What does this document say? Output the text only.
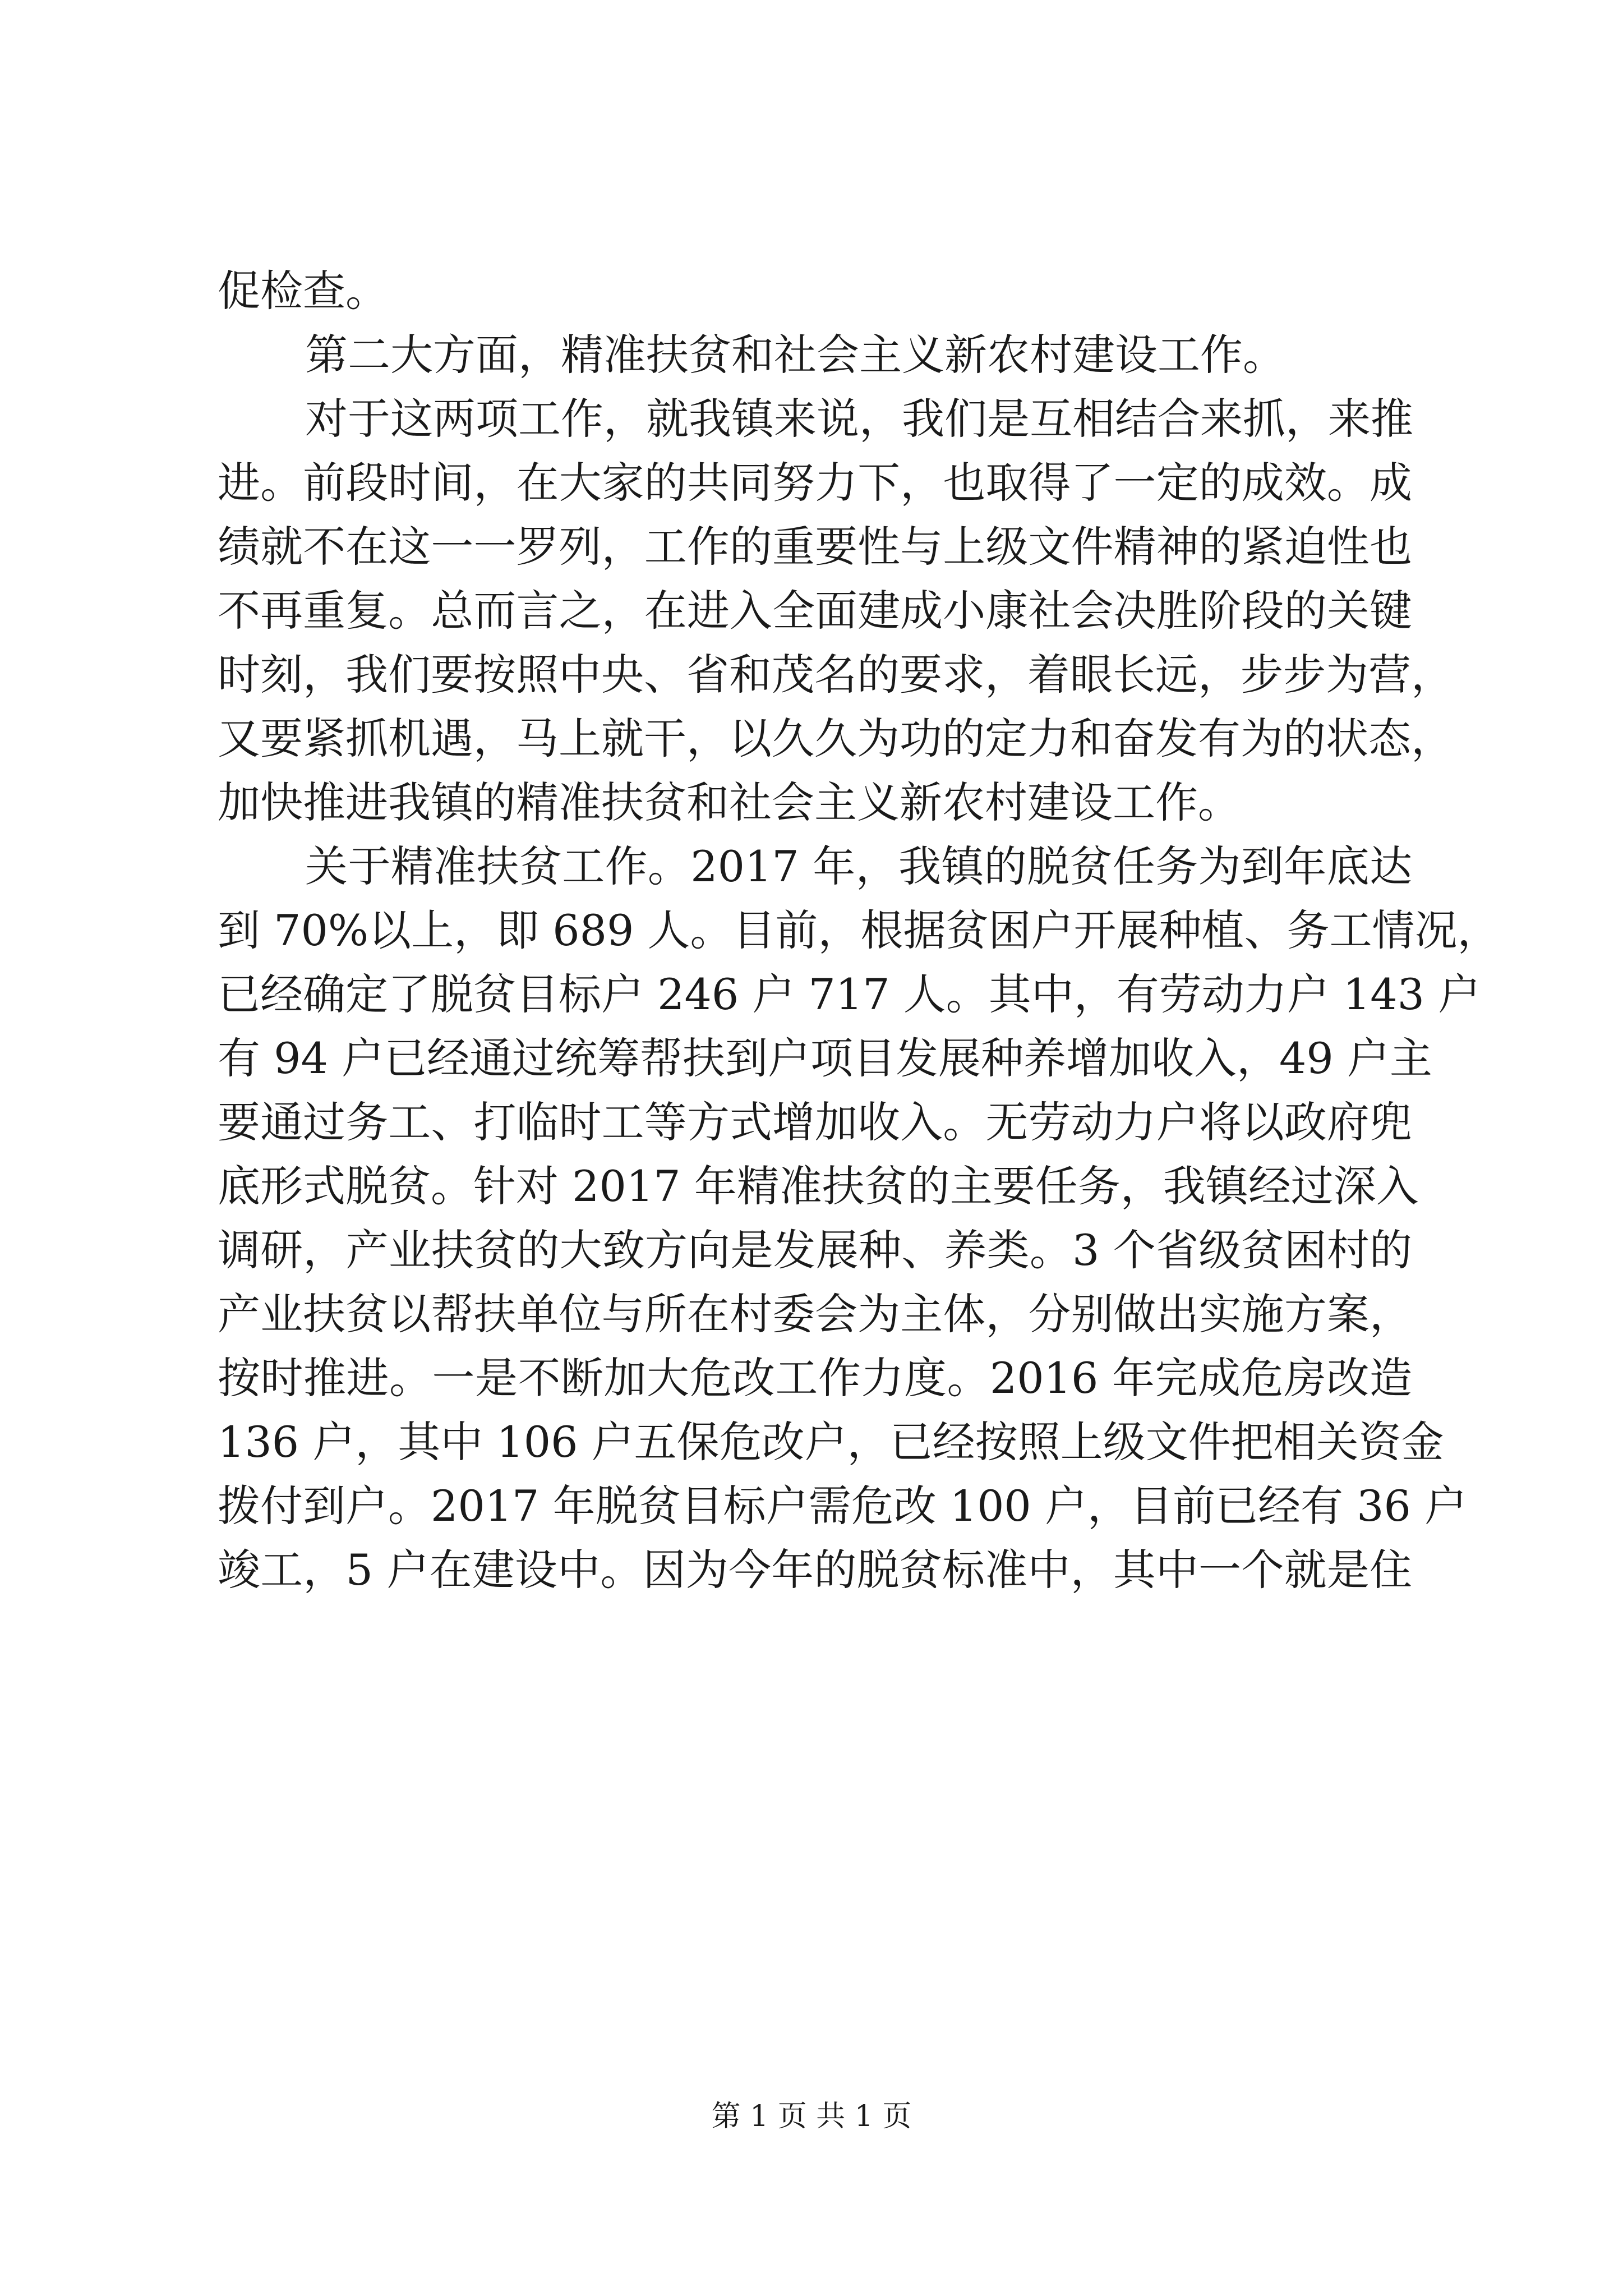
促检查。
第二大方面，精准扶贫和社会主义新农村建设工作。
对于这两项工作，就我镇来说，我们是互相结合来抓，来推
进。前段时间，在大家的共同努力下，也取得了一定的成效。成
绩就不在这一一罗列，工作的重要性与上级文件精神的紧迫性也
不再重复。总而言之，在进入全面建成小康社会决胜阶段的关键
时刻，我们要按照中央、省和茂名的要求，着眼长远，步步为营，
又要紧抓机遇，马上就干，以久久为功的定力和奋发有为的状态，
加快推进我镇的精准扶贫和社会主义新农村建设工作。
关于精准扶贫工作。2017 年，我镇的脱贫任务为到年底达
到 70%以上，即 689 人。目前，根据贫困户开展种植、务工情况，
已经确定了脱贫目标户 246 户 717 人。其中，有劳动力户 143 户
有 94 户已经通过统筹帮扶到户项目发展种养增加收入，49 户主
要通过务工、打临时工等方式增加收入。无劳动力户将以政府兜
底形式脱贫。针对 2017 年精准扶贫的主要任务，我镇经过深入
调研，产业扶贫的大致方向是发展种、养类。3 个省级贫困村的
产业扶贫以帮扶单位与所在村委会为主体，分别做出实施方案，
按时推进。一是不断加大危改工作力度。2016 年完成危房改造
136 户，其中 106 户五保危改户，已经按照上级文件把相关资金
拨付到户。2017 年脱贫目标户需危改 100 户，目前已经有 36 户
竣工，5 户在建设中。因为今年的脱贫标准中，其中一个就是住
第 1 页 共 1 页
